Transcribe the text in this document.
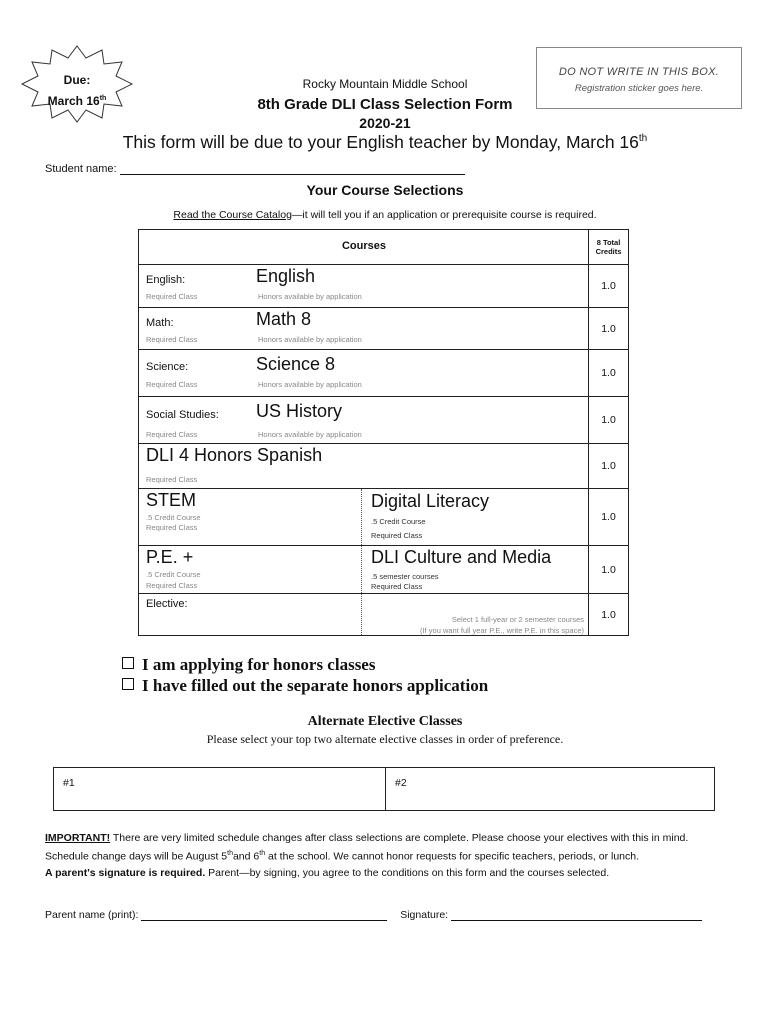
Due:
March 16th
DO NOT WRITE IN THIS BOX.
Registration sticker goes here.
Rocky Mountain Middle School
8th Grade DLI Class Selection Form
2020-21
This form will be due to your English teacher by Monday, March 16th
Student name:
Your Course Selections
Read the Course Catalog—it will tell you if an application or prerequisite course is required.
Courses	8 Total
Credits
English:	English
Required Class	Honors available by application
1.0
Math:	Math 8
Required Class	Honors available by application
1.0
Science:	Science 8
Required Class	Honors available by application
1.0
Social Studies: US History
Required Class	Honors available by application
1.0
DLI 4 Honors Spanish
Required Class
1.0
STEM
.5 Credit Course
Required Class
Digital Literacy
.5 Credit Course
Required Class
1.0
P.E. +
.5 Credit Course
Required Class
DLI Culture and Media
.5 semester courses
Required Class
1.0
Elective:
Select 1 full-year or 2 semester courses
(If you want full year P.E., write P.E. in this space)
1.0
I am applying for honors classes
I have filled out the separate honors application
Alternate Elective Classes
Please select your top two alternate elective classes in order of preference.
#1	#2
IMPORTANT! There are very limited schedule changes after class selections are complete. Please choose your electives with this in mind. Schedule change days will be August 5thand 6th at the school. We cannot honor requests for specific teachers, periods, or lunch.
A parent's signature is required. Parent—by signing, you agree to the conditions on this form and the courses selected.
Parent name (print):	Signature:
